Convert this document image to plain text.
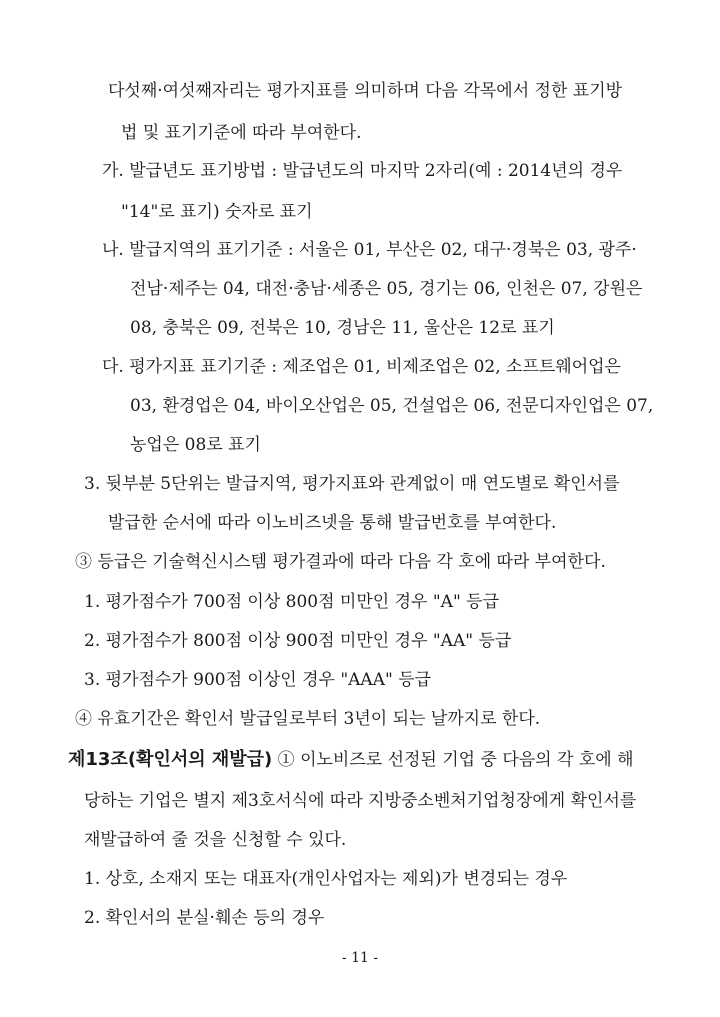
다섯째·여섯째자리는 평가지표를 의미하며 다음 각목에서 정한 표기방
법 및 표기기준에 따라 부여한다.
가. 발급년도 표기방법 : 발급년도의 마지막 2자리(예 : 2014년의 경우
"14"로 표기) 숫자로 표기
나. 발급지역의 표기기준 : 서울은 01, 부산은 02, 대구·경북은 03, 광주·
전남·제주는 04, 대전·충남·세종은 05, 경기는 06, 인천은 07, 강원은
08, 충북은 09, 전북은 10, 경남은 11, 울산은 12로 표기
다. 평가지표 표기기준 : 제조업은 01, 비제조업은 02, 소프트웨어업은
03, 환경업은 04, 바이오산업은 05, 건설업은 06, 전문디자인업은 07,
농업은 08로 표기
3. 뒷부분 5단위는 발급지역, 평가지표와 관계없이 매 연도별로 확인서를
발급한 순서에 따라 이노비즈넷을 통해 발급번호를 부여한다.
③ 등급은 기술혁신시스템 평가결과에 따라 다음 각 호에 따라 부여한다.
1. 평가점수가 700점 이상 800점 미만인 경우 "A" 등급
2. 평가점수가 800점 이상 900점 미만인 경우 "AA" 등급
3. 평가점수가 900점 이상인 경우 "AAA" 등급
④ 유효기간은 확인서 발급일로부터 3년이 되는 날까지로 한다.
제13조(확인서의 재발급) ① 이노비즈로 선정된 기업 중 다음의 각 호에 해
당하는 기업은 별지 제3호서식에 따라 지방중소벤처기업청장에게 확인서를
재발급하여 줄 것을 신청할 수 있다.
1. 상호, 소재지 또는 대표자(개인사업자는 제외)가 변경되는 경우
2. 확인서의 분실·훼손 등의 경우
- 11 -
